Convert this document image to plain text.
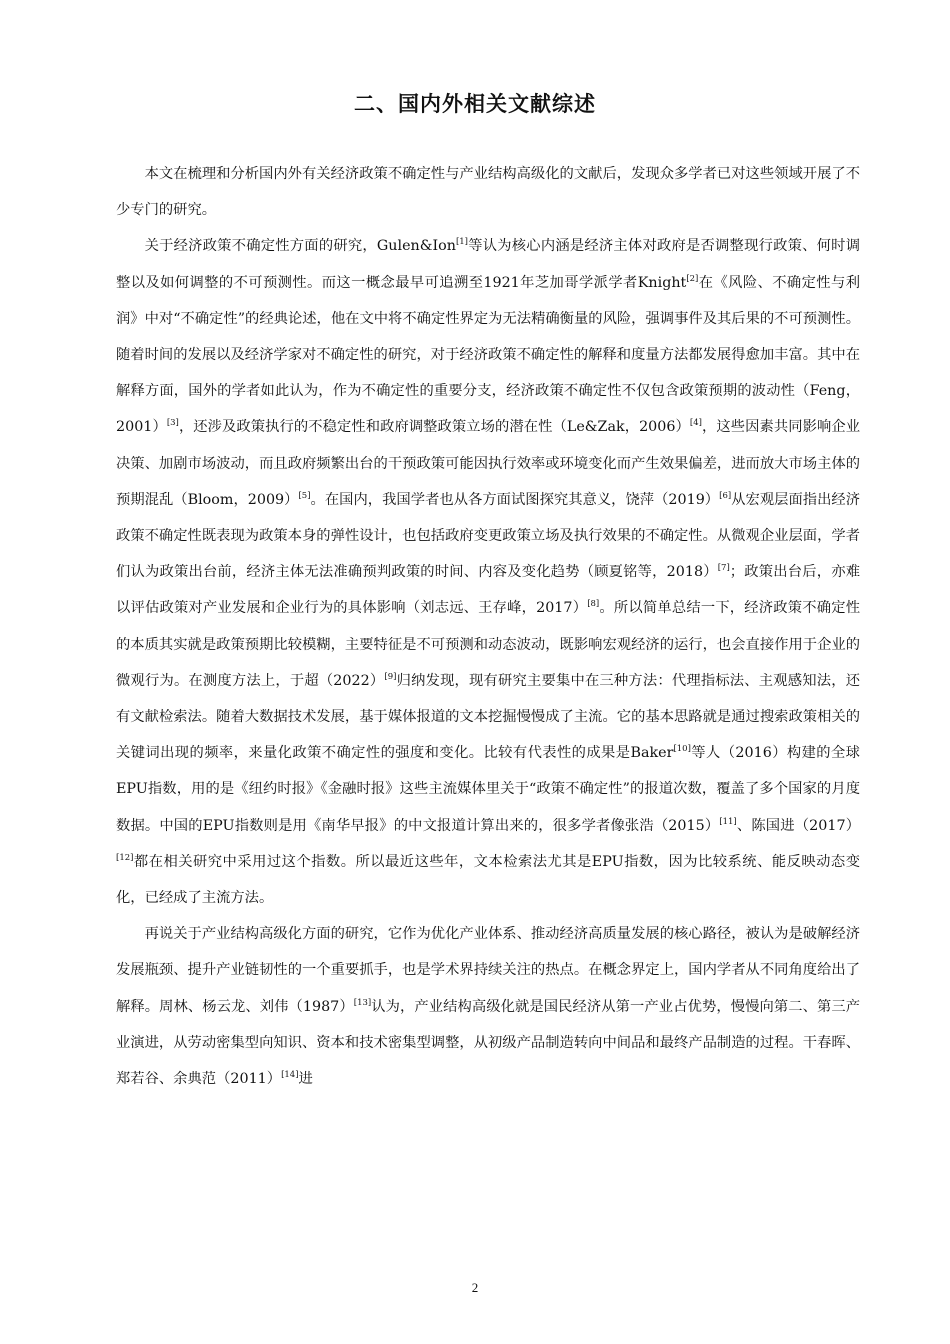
二、国内外相关文献综述

本文在梳理和分析国内外有关经济政策不确定性与产业结构高级化的文献后，发现众多学者已对这些领域开展了不少专门的研究。

关于经济政策不确定性方面的研究，Gulen&Ion[1]等认为核心内涵是经济主体对政府是否调整现行政策、何时调整以及如何调整的不可预测性。而这一概念最早可追溯至1921年芝加哥学派学者Knight[2]在《风险、不确定性与利润》中对“不确定性”的经典论述，他在文中将不确定性界定为无法精确衡量的风险，强调事件及其后果的不可预测性。随着时间的发展以及经济学家对不确定性的研究，对于经济政策不确定性的解释和度量方法都发展得愈加丰富。其中在解释方面，国外的学者如此认为，作为不确定性的重要分支，经济政策不确定性不仅包含政策预期的波动性（Feng，2001）[3]，还涉及政策执行的不稳定性和政府调整政策立场的潜在性（Le&Zak，2006）[4]，这些因素共同影响企业决策、加剧市场波动，而且政府频繁出台的干预政策可能因执行效率或环境变化而产生效果偏差，进而放大市场主体的预期混乱（Bloom，2009）[5]。在国内，我国学者也从各方面试图探究其意义，饶萍（2019）[6]从宏观层面指出经济政策不确定性既表现为政策本身的弹性设计，也包括政府变更政策立场及执行效果的不确定性。从微观企业层面，学者们认为政策出台前，经济主体无法准确预判政策的时间、内容及变化趋势（顾夏铭等，2018）[7]；政策出台后，亦难以评估政策对产业发展和企业行为的具体影响（刘志远、王存峰，2017）[8]。所以简单总结一下，经济政策不确定性的本质其实就是政策预期比较模糊，主要特征是不可预测和动态波动，既影响宏观经济的运行，也会直接作用于企业的微观行为。在测度方法上，于超（2022）[9]归纳发现，现有研究主要集中在三种方法：代理指标法、主观感知法，还有文献检索法。随着大数据技术发展，基于媒体报道的文本挖掘慢慢成了主流。它的基本思路就是通过搜索政策相关的关键词出现的频率，来量化政策不确定性的强度和变化。比较有代表性的成果是Baker[10]等人（2016）构建的全球EPU指数，用的是《纽约时报》《金融时报》这些主流媒体里关于“政策不确定性”的报道次数，覆盖了多个国家的月度数据。中国的EPU指数则是用《南华早报》的中文报道计算出来的，很多学者像张浩（2015）[11]、陈国进（2017）[12]都在相关研究中采用过这个指数。所以最近这些年，文本检索法尤其是EPU指数，因为比较系统、能反映动态变化，已经成了主流方法。

再说关于产业结构高级化方面的研究，它作为优化产业体系、推动经济高质量发展的核心路径，被认为是破解经济发展瓶颈、提升产业链韧性的一个重要抓手，也是学术界持续关注的热点。在概念界定上，国内学者从不同角度给出了解释。周林、杨云龙、刘伟（1987）[13]认为，产业结构高级化就是国民经济从第一产业占优势，慢慢向第二、第三产业演进，从劳动密集型向知识、资本和技术密集型调整，从初级产品制造转向中间品和最终产品制造的过程。干春晖、郑若谷、余典范（2011）[14]进

2
